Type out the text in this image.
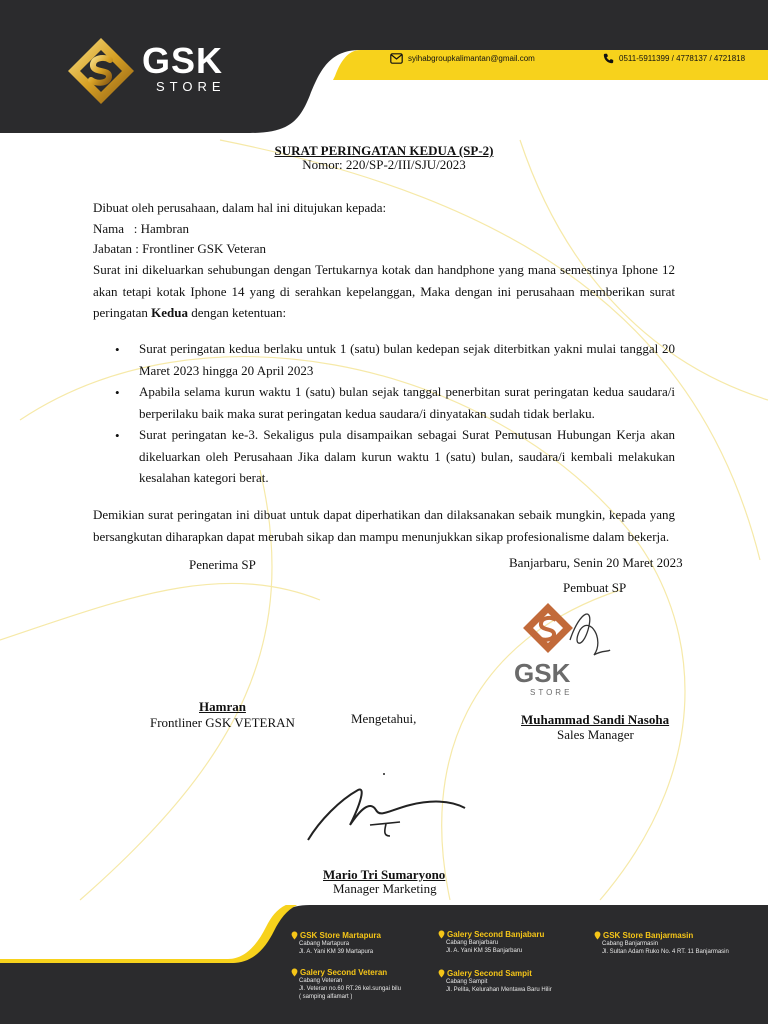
GSK
STORE
syihabgroupkalimantan@gmail.com	0511-5911399 / 4778137 / 4721818
SURAT PERINGATAN KEDUA (SP-2)
Nomor: 220/SP-2/III/SJU/2023
Dibuat oleh perusahaan, dalam hal ini ditujukan kepada:
Nama   : Hambran
Jabatan : Frontliner GSK Veteran
Surat ini dikeluarkan sehubungan dengan Tertukarnya kotak dan handphone yang mana semestinya Iphone 12 akan tetapi kotak Iphone 14 yang di serahkan kepelanggan, Maka dengan ini perusahaan memberikan surat peringatan Kedua dengan ketentuan:
• Surat peringatan kedua berlaku untuk 1 (satu) bulan kedepan sejak diterbitkan yakni mulai tanggal 20 Maret 2023 hingga 20 April 2023
• Apabila selama kurun waktu 1 (satu) bulan sejak tanggal penerbitan surat peringatan kedua saudara/i berperilaku baik maka surat peringatan kedua saudara/i dinyatakan sudah tidak berlaku.
• Surat peringatan ke-3. Sekaligus pula disampaikan sebagai Surat Pemutusan Hubungan Kerja akan dikeluarkan oleh Perusahaan Jika dalam kurun waktu 1 (satu) bulan, saudara/i kembali melakukan kesalahan kategori berat.
Demikian surat peringatan ini dibuat untuk dapat diperhatikan dan dilaksanakan sebaik mungkin, kepada yang bersangkutan diharapkan dapat merubah sikap dan mampu menunjukkan sikap profesionalisme dalam bekerja.
Penerima SP	Banjarbaru, Senin 20 Maret 2023
Pembuat SP
GSK
STORE
Hamran
Frontliner GSK VETERAN	Mengetahui,	Muhammad Sandi Nasoha
Sales Manager
Mario Tri Sumaryono
Manager Marketing
GSK Store Martapura
Cabang Martapura
Jl. A. Yani KM 39 Martapura
Galery Second Banjabaru
Cabang Banjarbaru
Jl. A. Yani KM 35 Banjarbaru
GSK Store Banjarmasin
Cabang Banjarmasin
Jl. Sultan Adam Ruko No. 4 RT. 11 Banjarmasin
Galery Second Veteran
Cabang Veteran
Jl. Veteran no.60 RT.26 kel.sungai bilu
( samping alfamart )
Galery Second Sampit
Cabang Sampit
Jl. Pelita, Kelurahan Mentawa Baru Hilir
